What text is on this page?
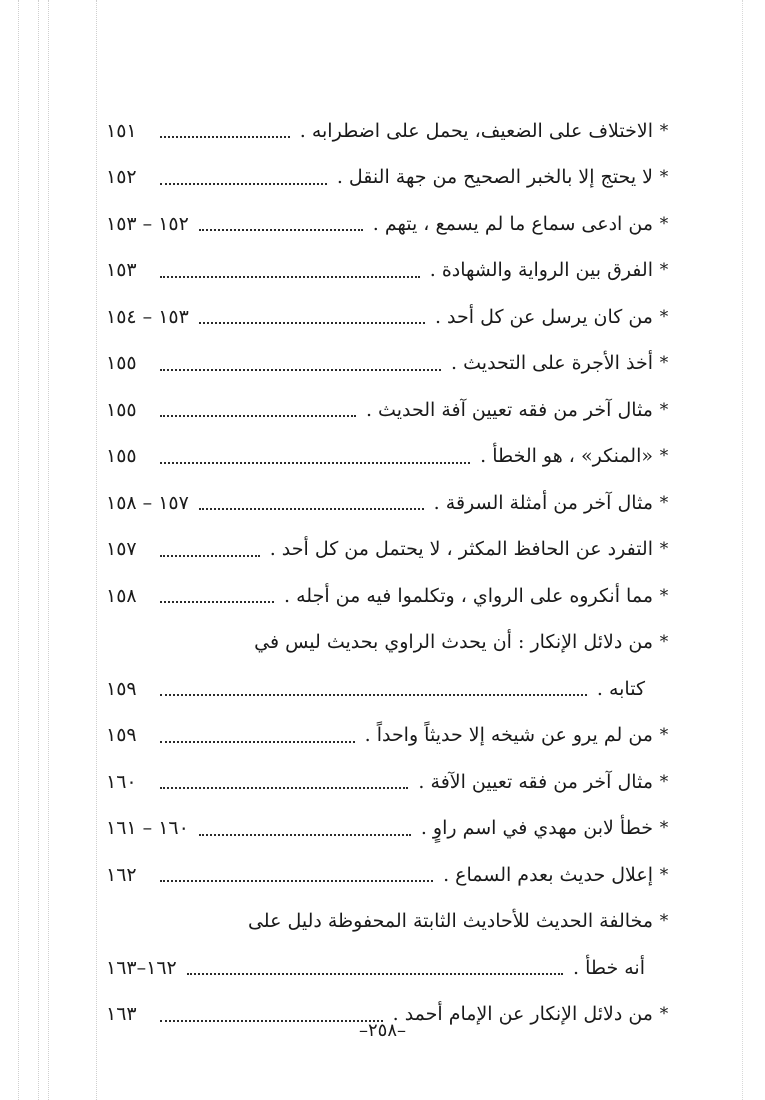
*
الاختلاف على الضعيف، يحمل على اضطرابه .
١٥١
*
لا يحتج إلا بالخبر الصحيح من جهة النقل .
١٥٢
*
من ادعى سماع ما لم يسمع ، يتهم .
١٥٢ – ١٥٣
*
الفرق بين الرواية والشهادة .
١٥٣
*
من كان يرسل عن كل أحد .
١٥٣ – ١٥٤
*
أخذ الأجرة على التحديث .
١٥٥
*
مثال آخر من فقه تعيين آفة الحديث .
١٥٥
*
«المنكر» ، هو الخطأ .
١٥٥
*
مثال آخر من أمثلة السرقة .
١٥٧ – ١٥٨
*
التفرد عن الحافظ المكثر ، لا يحتمل من كل أحد .
١٥٧
*
مما أنكروه على الرواي ، وتكلموا فيه من أجله .
١٥٨
*
من دلائل الإنكار : أن يحدث الراوي بحديث ليس في
كتابه .
١٥٩
*
من لم يرو عن شيخه إلا حديثاً واحداً .
١٥٩
*
مثال آخر من فقه تعيين الآفة .
١٦٠
*
خطأ لابن مهدي في اسم راوٍ .
١٦٠ – ١٦١
*
إعلال حديث بعدم السماع .
١٦٢
*
مخالفة الحديث للأحاديث الثابتة المحفوظة دليل على
أنه خطأ .
١٦٢–١٦٣
*
من دلائل الإنكار عن الإمام أحمد .
١٦٣
–٢٥٨–
